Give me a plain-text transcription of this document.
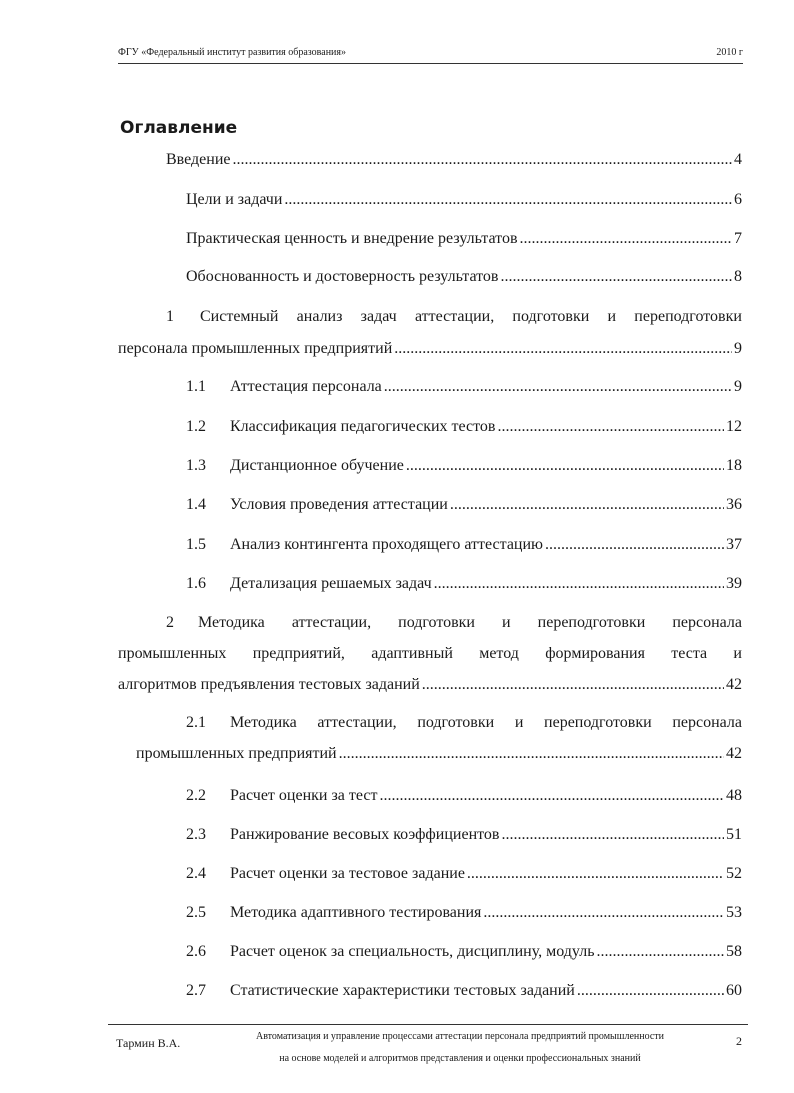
ФГУ «Федеральный институт развития образования»	2010 г
Оглавление
Введение .....	4
Цели и задачи .....	6
Практическая ценность и внедрение результатов .....	7
Обоснованность и достоверность результатов .....	8
1	Системный анализ задач аттестации, подготовки и переподготовки
персонала промышленных предприятий .....	9
1.1	Аттестация персонала .....	9
1.2	Классификация педагогических тестов .....	12
1.3	Дистанционное обучение .....	18
1.4	Условия проведения аттестации .....	36
1.5	Анализ контингента проходящего аттестацию .....	37
1.6	Детализация решаемых задач .....	39
2	Методика аттестации, подготовки и переподготовки персонала
промышленных предприятий, адаптивный метод формирования теста и
алгоритмов предъявления тестовых заданий .....	42
2.1	Методика аттестации, подготовки и переподготовки персонала
промышленных предприятий .....	42
2.2	Расчет оценки за тест .....	48
2.3	Ранжирование весовых коэффициентов .....	51
2.4	Расчет оценки за тестовое задание .....	52
2.5	Методика адаптивного тестирования .....	53
2.6	Расчет оценок за специальность, дисциплину, модуль .....	58
2.7	Статистические характеристики тестовых заданий .....	60
Тармин В.А.	Автоматизация и управление процессами аттестации персонала предприятий промышленности
на основе моделей и алгоритмов представления и оценки профессиональных знаний
2
